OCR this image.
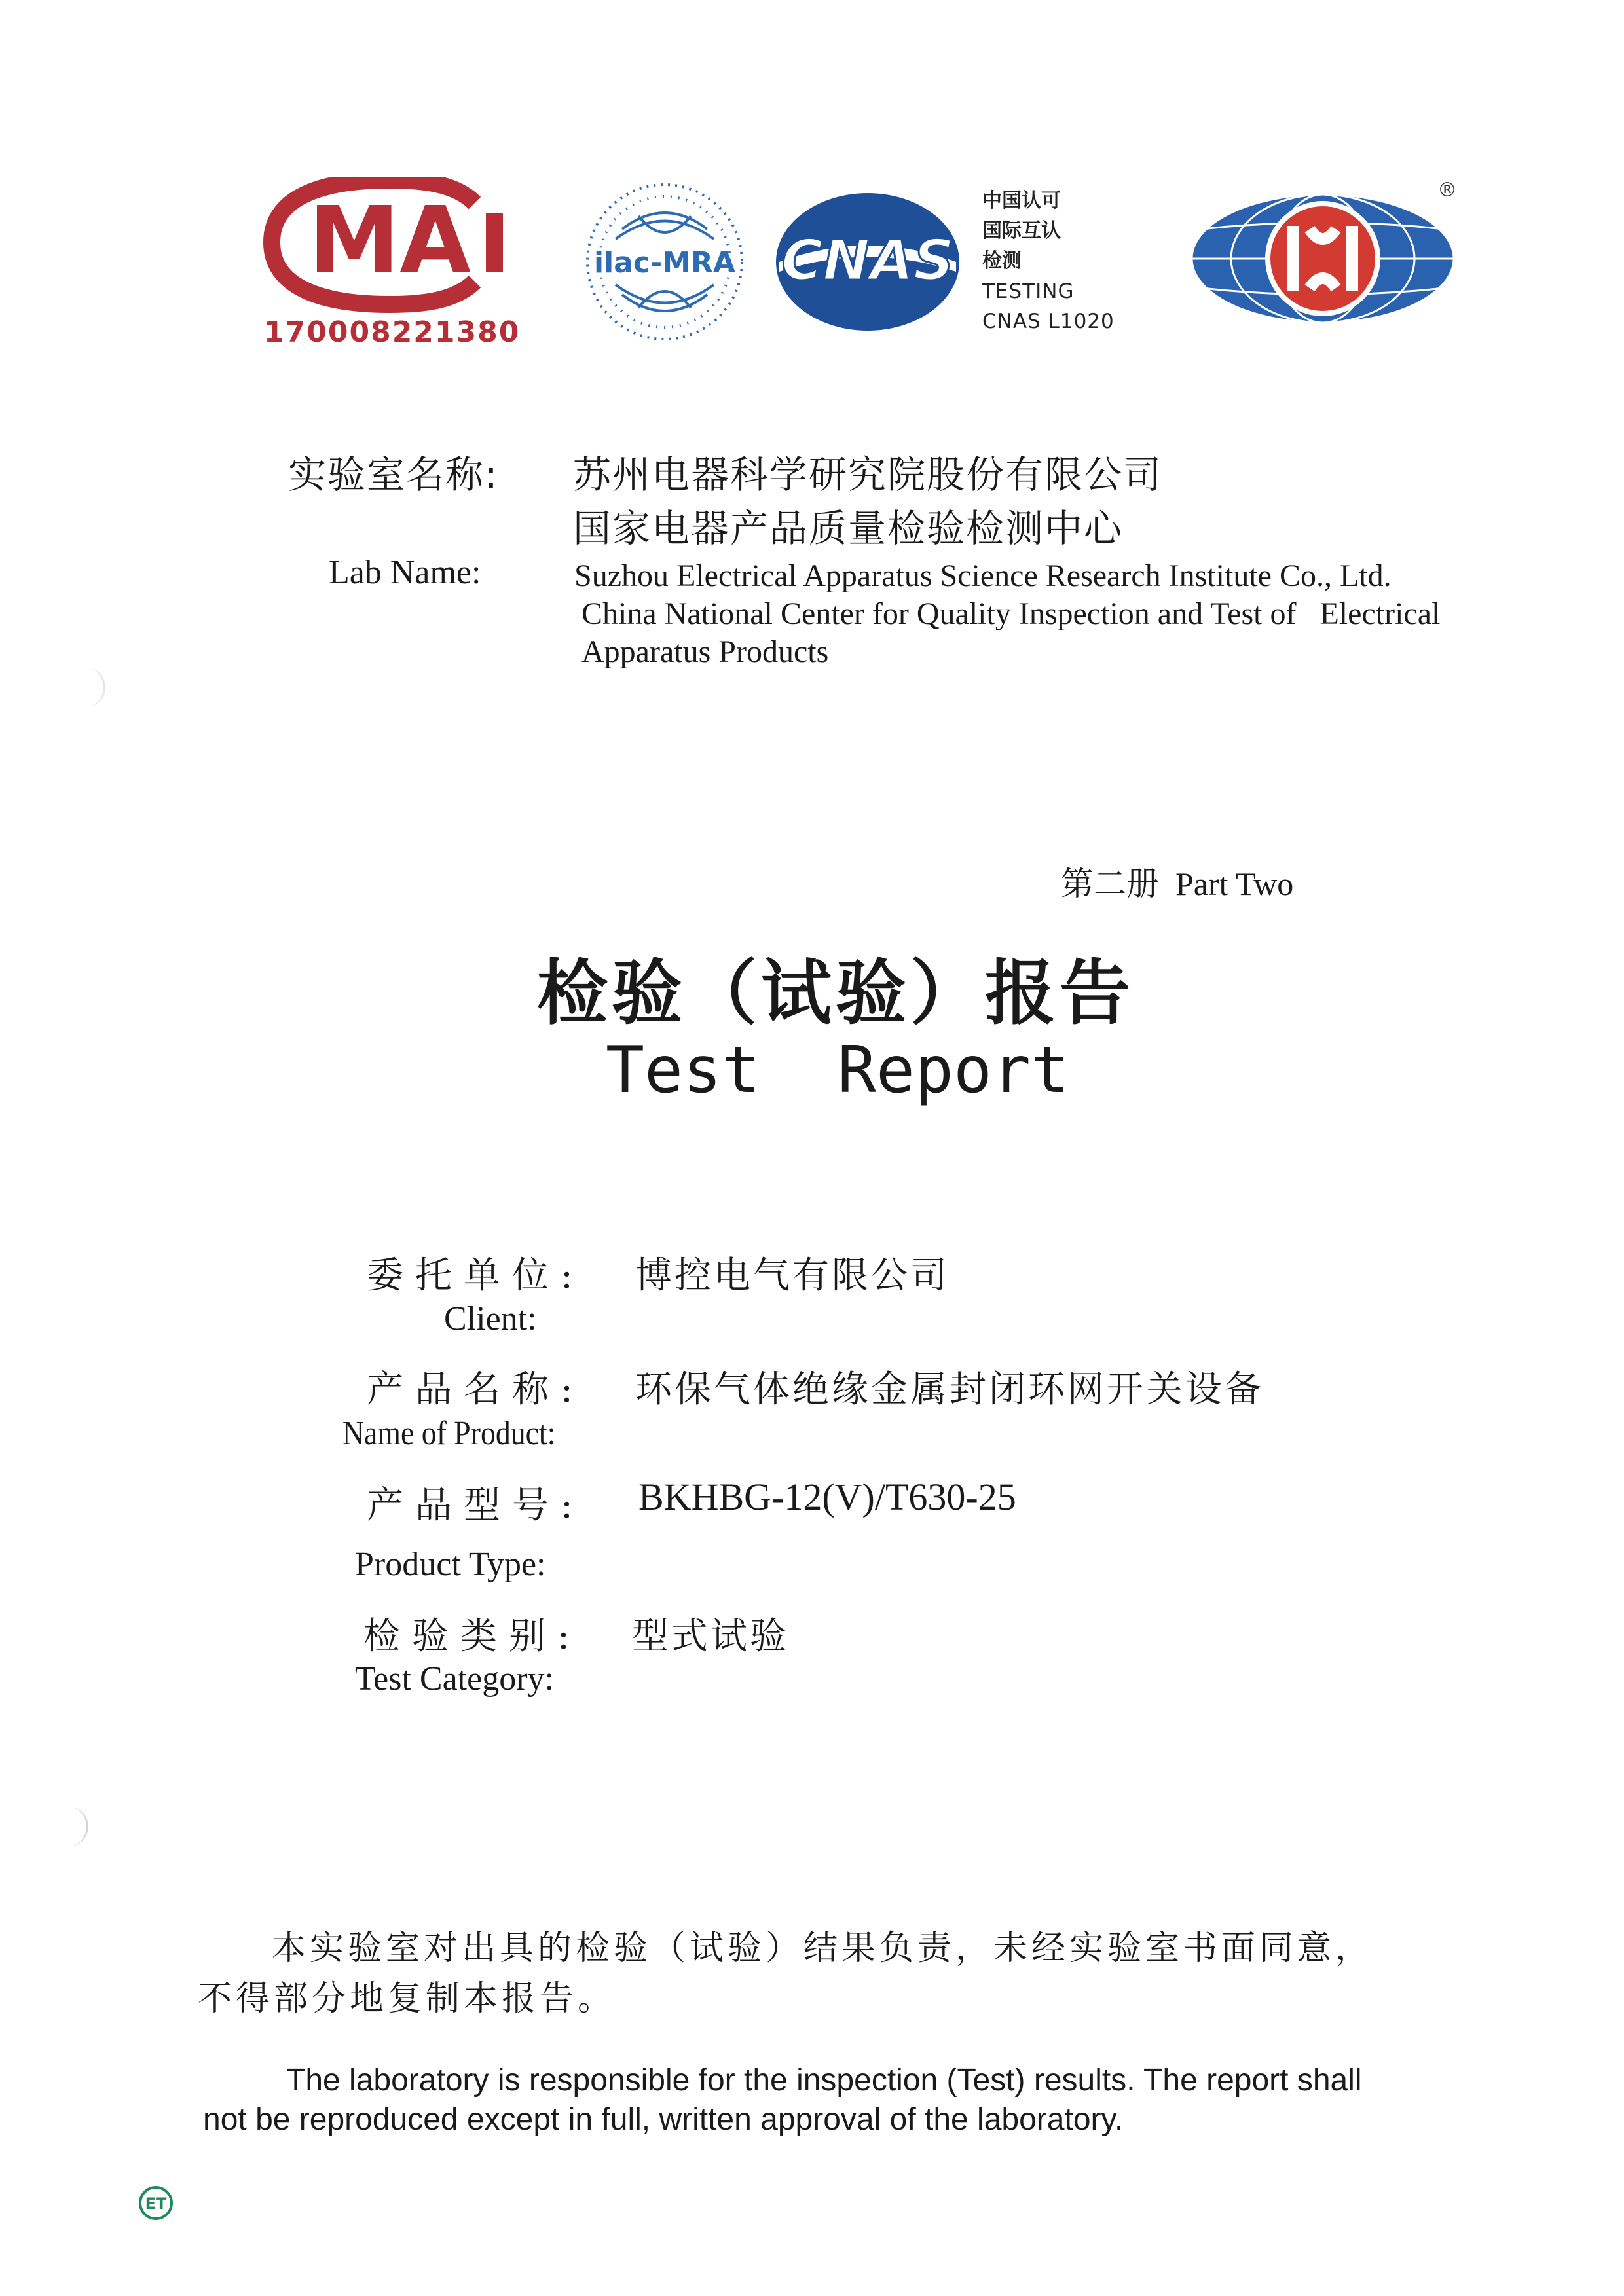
MA
170008221380
ilac-MRA CNAS
中国认可
国际互认
检测
TESTING
CNAS L1020
®
实验室名称: 苏州电器科学研究院股份有限公司
国家电器产品质量检验检测中心
Lab Name:	Suzhou Electrical Apparatus Science Research Institute Co., Ltd.
China National Center for Quality Inspection and Test of   Electrical
Apparatus Products
第二册  Part Two
检验（试验）报告
Test  Report
委托单位: 博控电气有限公司
Client:
产品名称: 环保气体绝缘金属封闭环网开关设备
Name of Product:
产品型号: BKHBG-12(V)/T630-25
Product Type:
检验类别: 型式试验
Test Category:
本实验室对出具的检验（试验）结果负责，未经实验室书面同意，
不得部分地复制本报告。
The laboratory is responsible for the inspection (Test) results. The report shall
not be reproduced except in full, written approval of the laboratory.
ET
